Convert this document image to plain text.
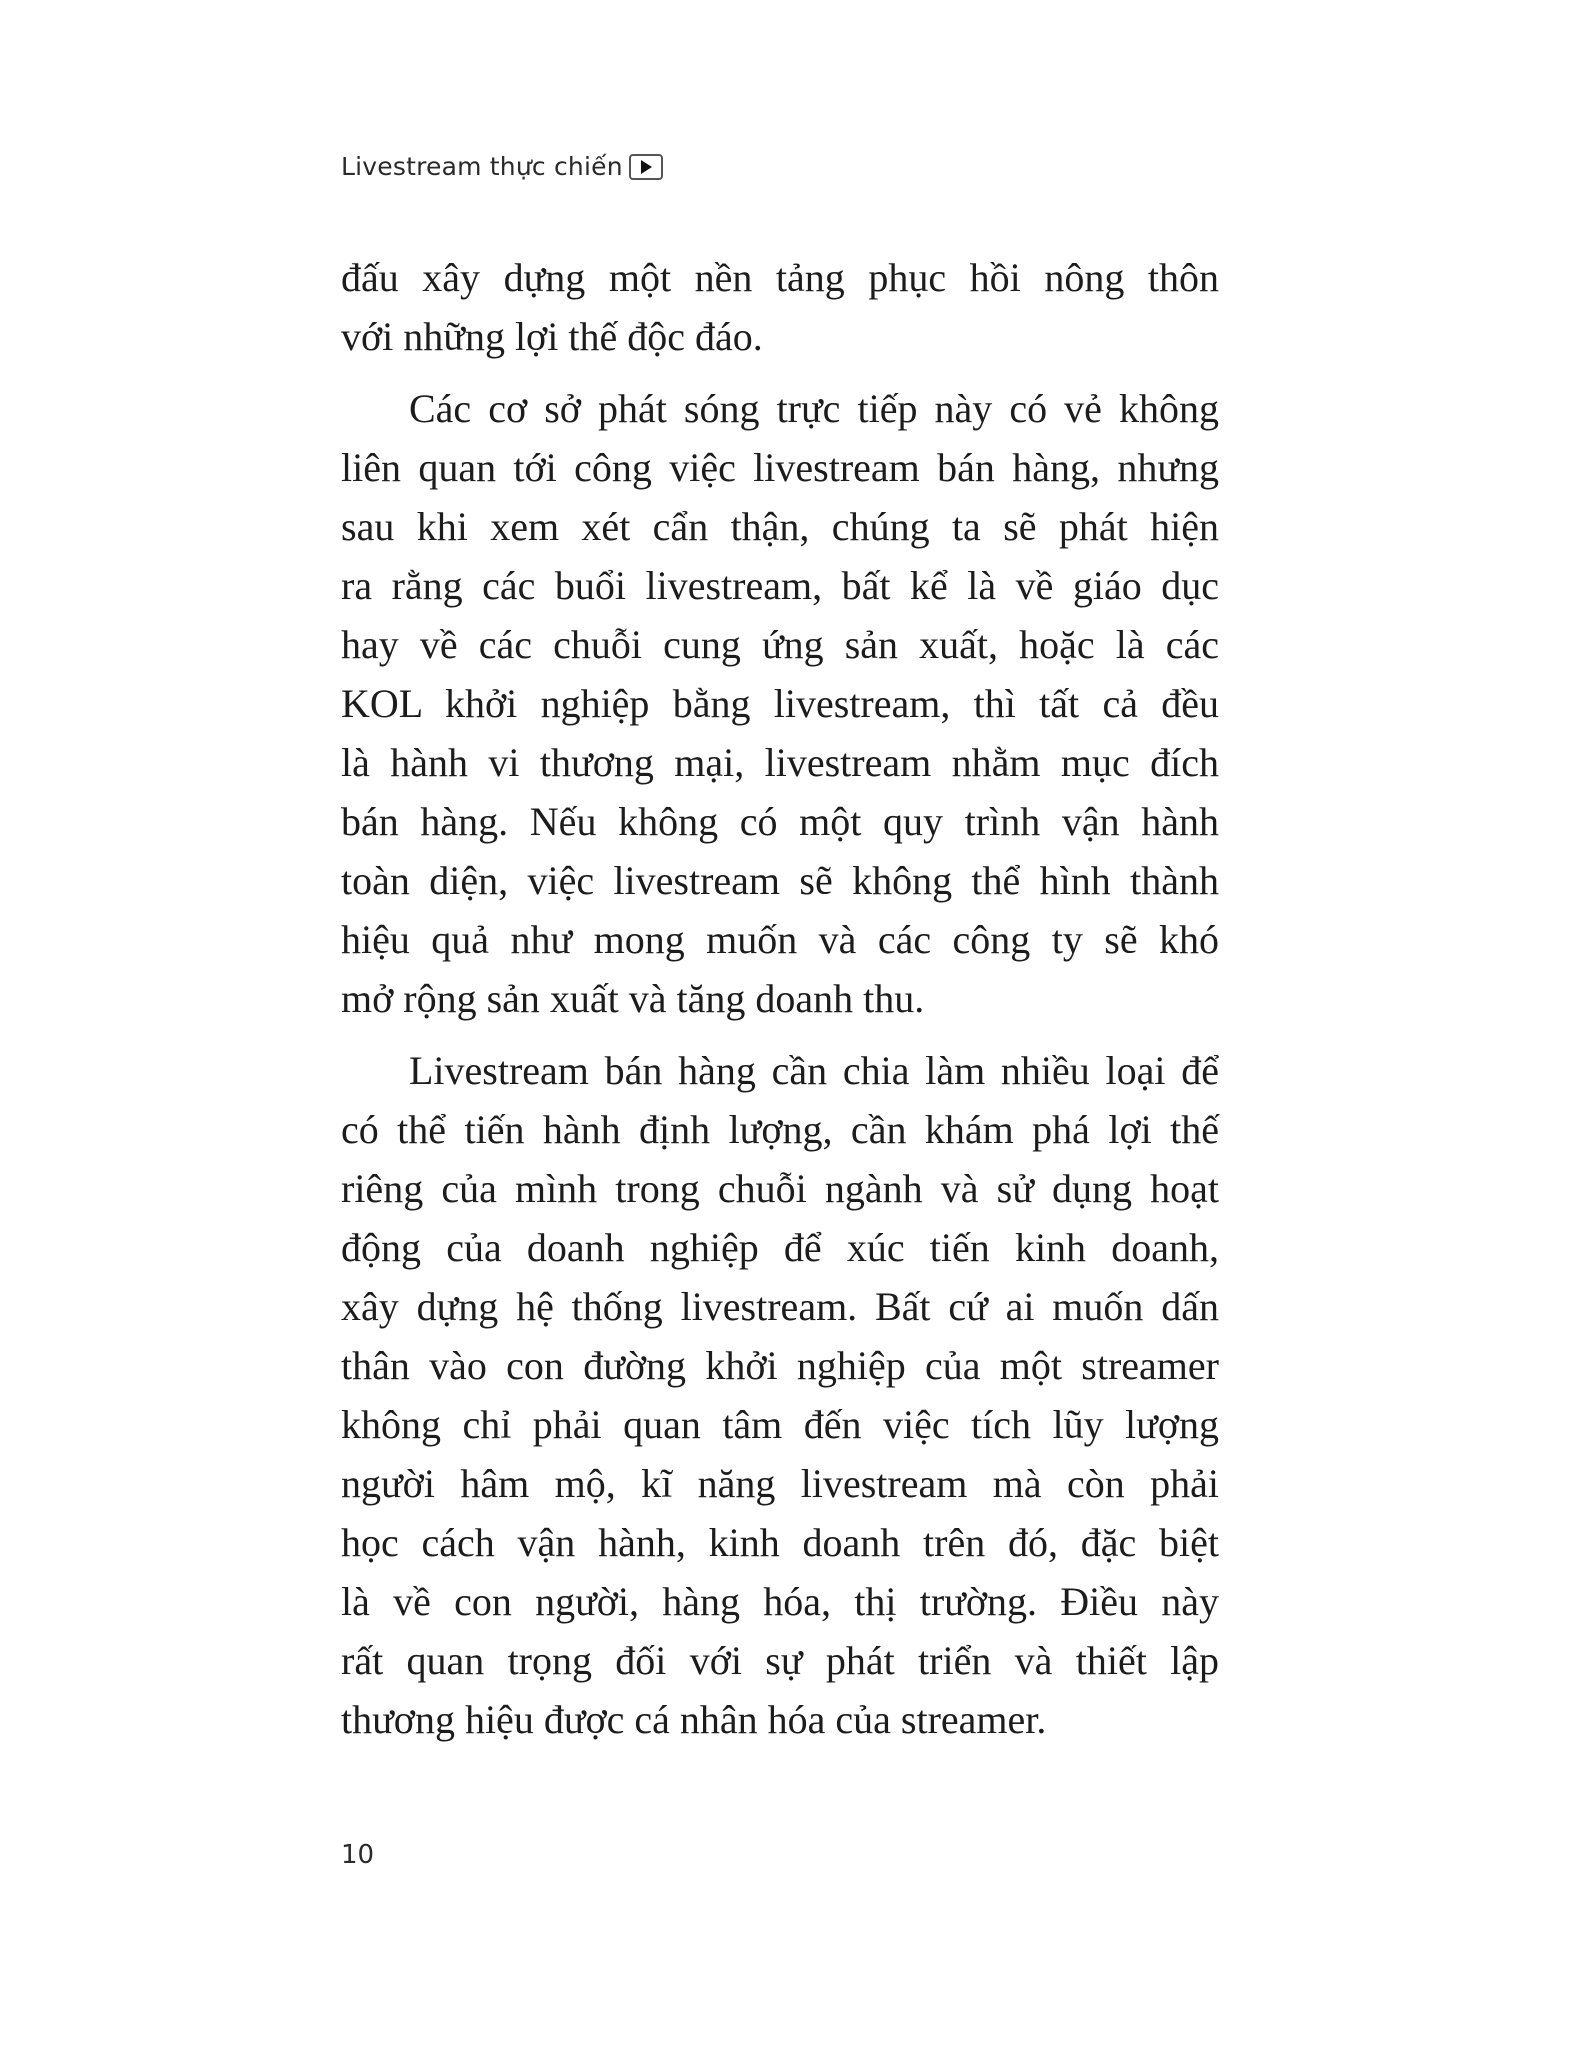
Livestream thực chiến

đấu xây dựng một nền tảng phục hồi nông thôn
với những lợi thế độc đáo.

Các cơ sở phát sóng trực tiếp này có vẻ không
liên quan tới công việc livestream bán hàng, nhưng
sau khi xem xét cẩn thận, chúng ta sẽ phát hiện
ra rằng các buổi livestream, bất kể là về giáo dục
hay về các chuỗi cung ứng sản xuất, hoặc là các
KOL khởi nghiệp bằng livestream, thì tất cả đều
là hành vi thương mại, livestream nhằm mục đích
bán hàng. Nếu không có một quy trình vận hành
toàn diện, việc livestream sẽ không thể hình thành
hiệu quả như mong muốn và các công ty sẽ khó
mở rộng sản xuất và tăng doanh thu.

Livestream bán hàng cần chia làm nhiều loại để
có thể tiến hành định lượng, cần khám phá lợi thế
riêng của mình trong chuỗi ngành và sử dụng hoạt
động của doanh nghiệp để xúc tiến kinh doanh,
xây dựng hệ thống livestream. Bất cứ ai muốn dấn
thân vào con đường khởi nghiệp của một streamer
không chỉ phải quan tâm đến việc tích lũy lượng
người hâm mộ, kĩ năng livestream mà còn phải
học cách vận hành, kinh doanh trên đó, đặc biệt
là về con người, hàng hóa, thị trường. Điều này
rất quan trọng đối với sự phát triển và thiết lập
thương hiệu được cá nhân hóa của streamer.

10
